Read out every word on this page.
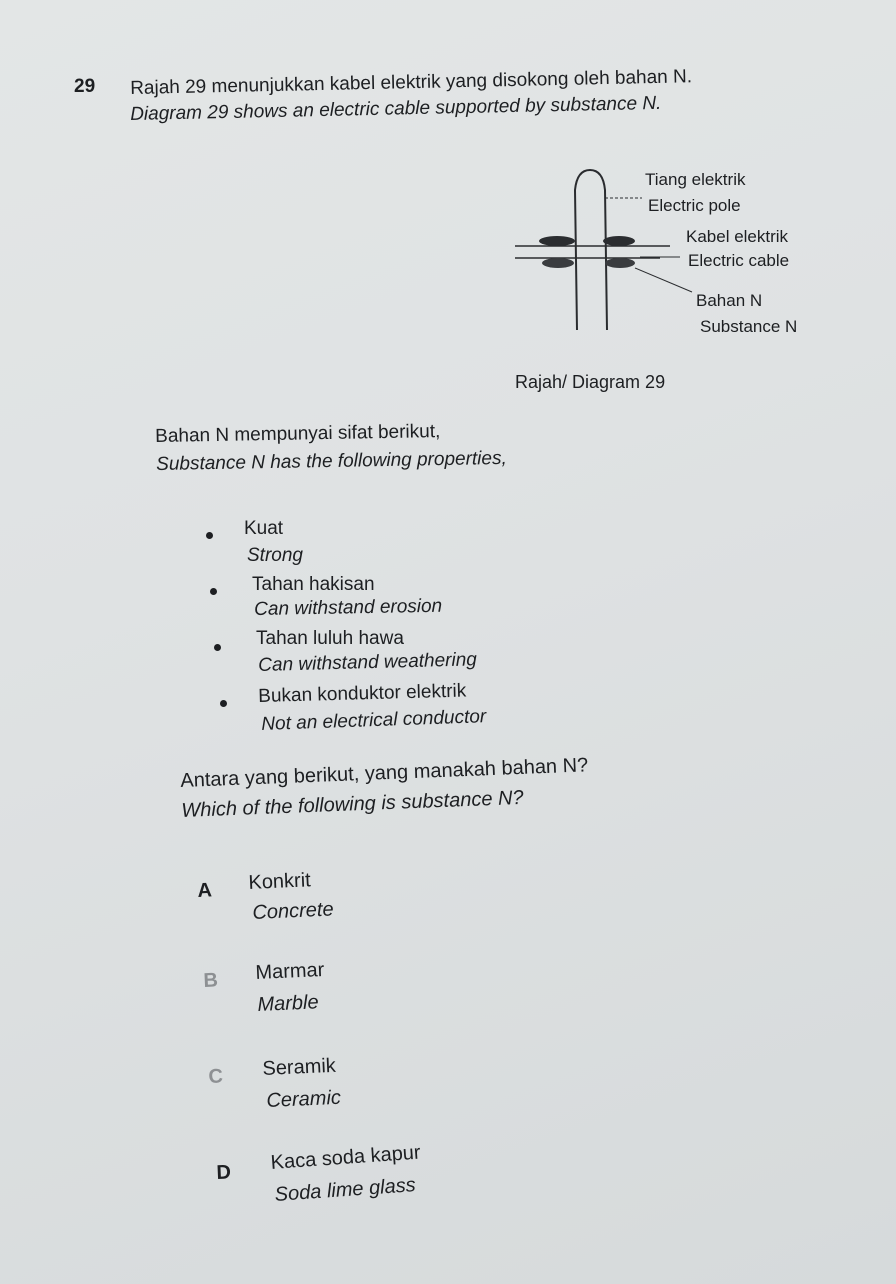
29 Rajah 29 menunjukkan kabel elektrik yang disokong oleh bahan N.
Diagram 29 shows an electric cable supported by substance N.
Tiang elektrik
Electric pole
Kabel elektrik
Electric cable
Bahan N
Substance N
Rajah/ Diagram 29
Bahan N mempunyai sifat berikut,
Substance N has the following properties,
Kuat
Strong
Tahan hakisan
Can withstand erosion
Tahan luluh hawa
Can withstand weathering
Bukan konduktor elektrik
Not an electrical conductor
Antara yang berikut, yang manakah bahan N?
Which of the following is substance N?
A Konkrit
Concrete
B Marmar
Marble
C Seramik
Ceramic
D Kaca soda kapur
Soda lime glass
